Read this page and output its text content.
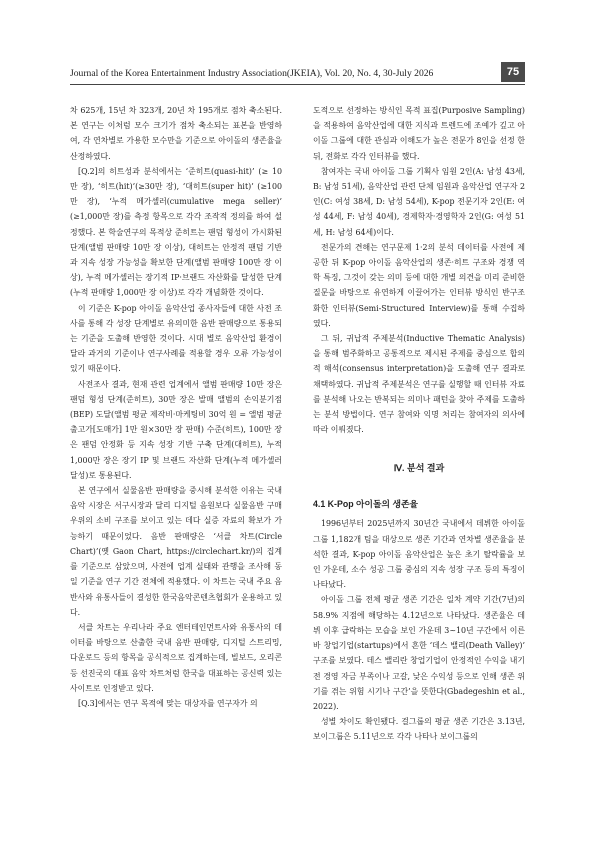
Journal of the Korea Entertainment Industry Association(JKEIA), Vol. 20, No. 4, 30-July 2026	75

차 625개, 15년 차 323개, 20년 차 195개로 점차 축소된다. 본 연구는 이처럼 모수 크기가 점차 축소되는 표본을 반영하여, 각 연차별로 가용한 모수만을 기준으로 아이돌의 생존율을 산정하였다.

[Q.2]의 히트성과 분석에서는 ‘준히트(quasi-hit)’ (≥ 10만 장), ‘히트(hit)’(≥30만 장), ‘대히트(super hit)’ (≥100만 장), ‘누적 메가셀러(cumulative mega seller)’ (≥1,000만 장)를 측정 항목으로 각각 조작적 정의를 하여 설정했다. 본 학술연구의 목적상 준히트는 팬덤 형성이 가시화된 단계(앨범 판매량 10만 장 이상), 대히트는 안정적 팬덤 기반과 지속 성장 가능성을 확보한 단계(앨범 판매량 100만 장 이상), 누적 메가셀러는 장기적 IP·브랜드 자산화를 달성한 단계(누적 판매량 1,000만 장 이상)로 각각 개념화한 것이다.

이 기준은 K-pop 아이돌 음악산업 종사자들에 대한 사전 조사를 통해 각 성장 단계별로 유의미한 음반 판매량으로 통용되는 기준을 도출해 반영한 것이다. 시대 별로 음악산업 환경이 달라 과거의 기준이나 연구사례를 적용할 경우 오류 가능성이 있기 때문이다.

사전조사 결과, 현재 관련 업계에서 앨범 판매량 10만 장은 팬덤 형성 단계(준히트), 30만 장은 발매 앨범의 손익분기점(BEP) 도달(앨범 평균 제작비·마케팅비 30억 원 = 앨범 평균 출고가[도매가] 1만 원×30만 장 판매) 수준(히트), 100만 장은 팬덤 안정화 등 지속 성장 기반 구축 단계(대히트), 누적 1,000만 장은 장기 IP 및 브랜드 자산화 단계(누적 메가셀러 달성)로 통용된다.

본 연구에서 실물음반 판매량을 중시해 분석한 이유는 국내 음악 시장은 서구시장과 달리 디지털 음원보다 실물음반 구매 우위의 소비 구조를 보이고 있는 데다 실증 자료의 확보가 가능하기 때문이었다. 음반 판매량은 ‘서클 차트(Circle Chart)’(옛 Gaon Chart, https://circlechart.kr/)의 집계를 기준으로 삼았으며, 사전에 업계 실태와 관행을 조사해 동일 기준을 연구 기간 전체에 적용했다. 이 차트는 국내 주요 음반사와 유통사들이 결성한 한국음악콘텐츠협회가 운용하고 있다.

서클 차트는 우리나라 주요 엔터테인먼트사와 유통사의 데이터를 바탕으로 산출한 국내 음반 판매량, 디지털 스트리밍, 다운로드 등의 항목을 공식적으로 집계하는데, 빌보드, 오리콘 등 선진국의 대표 음악 차트처럼 한국을 대표하는 공신력 있는 사이트로 인정받고 있다.

[Q.3]에서는 연구 목적에 맞는 대상자를 연구자가 의

도적으로 선정하는 방식인 목적 표집(Purposive Sampling)을 적용하여 음악산업에 대한 지식과 트렌드에 조예가 깊고 아이돌 그룹에 대한 관심과 이해도가 높은 전문가 8인을 선정 한 뒤, 전화로 각각 인터뷰를 했다.

참여자는 국내 아이돌 그룹 기획사 임원 2인(A: 남성 43세, B: 남성 51세), 음악산업 관련 단체 임원과 음악산업 연구자 2인(C: 여성 38세, D: 남성 54세), K-pop 전문기자 2인(E: 여성 44세, F: 남성 40세), 경제학자·경영학자 2인(G: 여성 51세, H: 남성 64세)이다.

전문가의 견해는 연구문제 1·2의 분석 데이터를 사전에 제공한 뒤 K-pop 아이돌 음악산업의 생존·히트 구조와 경쟁 역학 특징, 그것이 갖는 의미 등에 대한 개별 의견을 미리 준비한 질문을 바탕으로 유연하게 이끌어가는 인터뷰 방식인 반구조화한 인터뷰(Semi-Structured Interview)를 통해 수집하였다.

그 뒤, 귀납적 주제분석(Inductive Thematic Analysis)을 통해 범주화하고 공통적으로 제시된 주제를 중심으로 합의적 해석(consensus interpretation)을 도출해 연구 결과로 채택하였다. 귀납적 주제분석은 연구를 실행할 때 인터뷰 자료를 분석해 나오는 반복되는 의미나 패턴을 찾아 주제를 도출하는 분석 방법이다. 연구 참여와 익명 처리는 참여자의 의사에 따라 이뤄졌다.

Ⅳ. 분석 결과
4.1 K-Pop 아이돌의 생존율

1996년부터 2025년까지 30년간 국내에서 데뷔한 아이돌 그룹 1,182개 팀을 대상으로 생존 기간과 연차별 생존율을 분석한 결과, K-pop 아이돌 음악산업은 높은 초기 탈락률을 보인 가운데, 소수 성공 그룹 중심의 지속 성장 구조 등의 특징이 나타났다.

아이돌 그룹 전체 평균 생존 기간은 일차 계약 기간(7년)의 58.9% 지점에 해당하는 4.12년으로 나타났다. 생존율은 데뷔 이후 급락하는 모습을 보인 가운데 3~10년 구간에서 이른바 창업기업(startups)에서 흔한 ‘데스 밸리(Death Valley)’ 구조를 보였다. 데스 밸리란 창업기업이 안정적인 수익을 내기 전 경영 자금 부족이나 고갈, 낮은 수익성 등으로 인해 생존 위기를 겪는 위험 시기나 구간’을 뜻한다(Gbadegeshin et al., 2022).

성별 차이도 확인됐다. 걸그룹의 평균 생존 기간은 3.13년, 보이그룹은 5.11년으로 각각 나타나 보이그룹의
